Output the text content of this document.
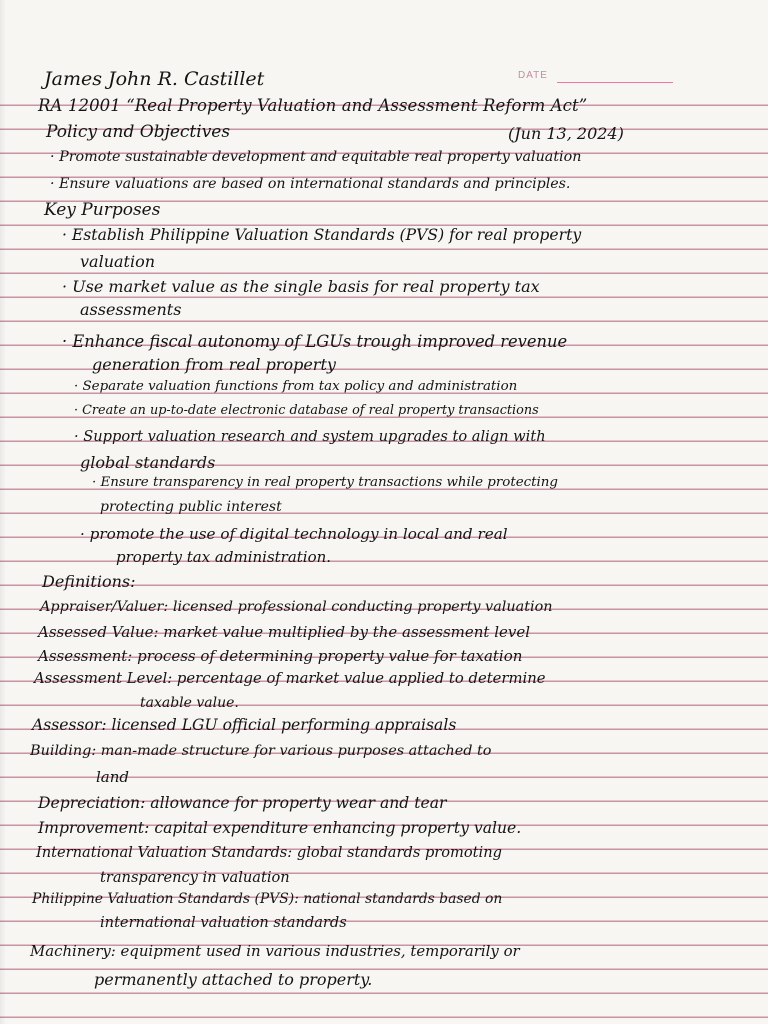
DATE
James John R. Castillet
RA 12001 “Real Property Valuation and Assessment Reform Act”
Policy and Objectives	(Jun 13, 2024)
· Promote sustainable development and equitable real property valuation
· Ensure valuations are based on international standards and principles.
Key Purposes
· Establish Philippine Valuation Standards (PVS) for real property
valuation
· Use market value as the single basis for real property tax
assessments
· Enhance fiscal autonomy of LGUs trough improved revenue
generation from real property
· Separate valuation functions from tax policy and administration
· Create an up-to-date electronic database of real property transactions
· Support valuation research and system upgrades to align with
global standards
· Ensure transparency in real property transactions while protecting
protecting public interest
· promote the use of digital technology in local and real
property tax administration.
Definitions:
Appraiser/Valuer: licensed professional conducting property valuation
Assessed Value: market value multiplied by the assessment level
Assessment: process of determining property value for taxation
Assessment Level: percentage of market value applied to determine
taxable value.
Assessor: licensed LGU official performing appraisals
Building: man-made structure for various purposes attached to
land
Depreciation: allowance for property wear and tear
Improvement: capital expenditure enhancing property value.
International Valuation Standards: global standards promoting
transparency in valuation
Philippine Valuation Standards (PVS): national standards based on
international valuation standards
Machinery: equipment used in various industries, temporarily or
permanently attached to property.
